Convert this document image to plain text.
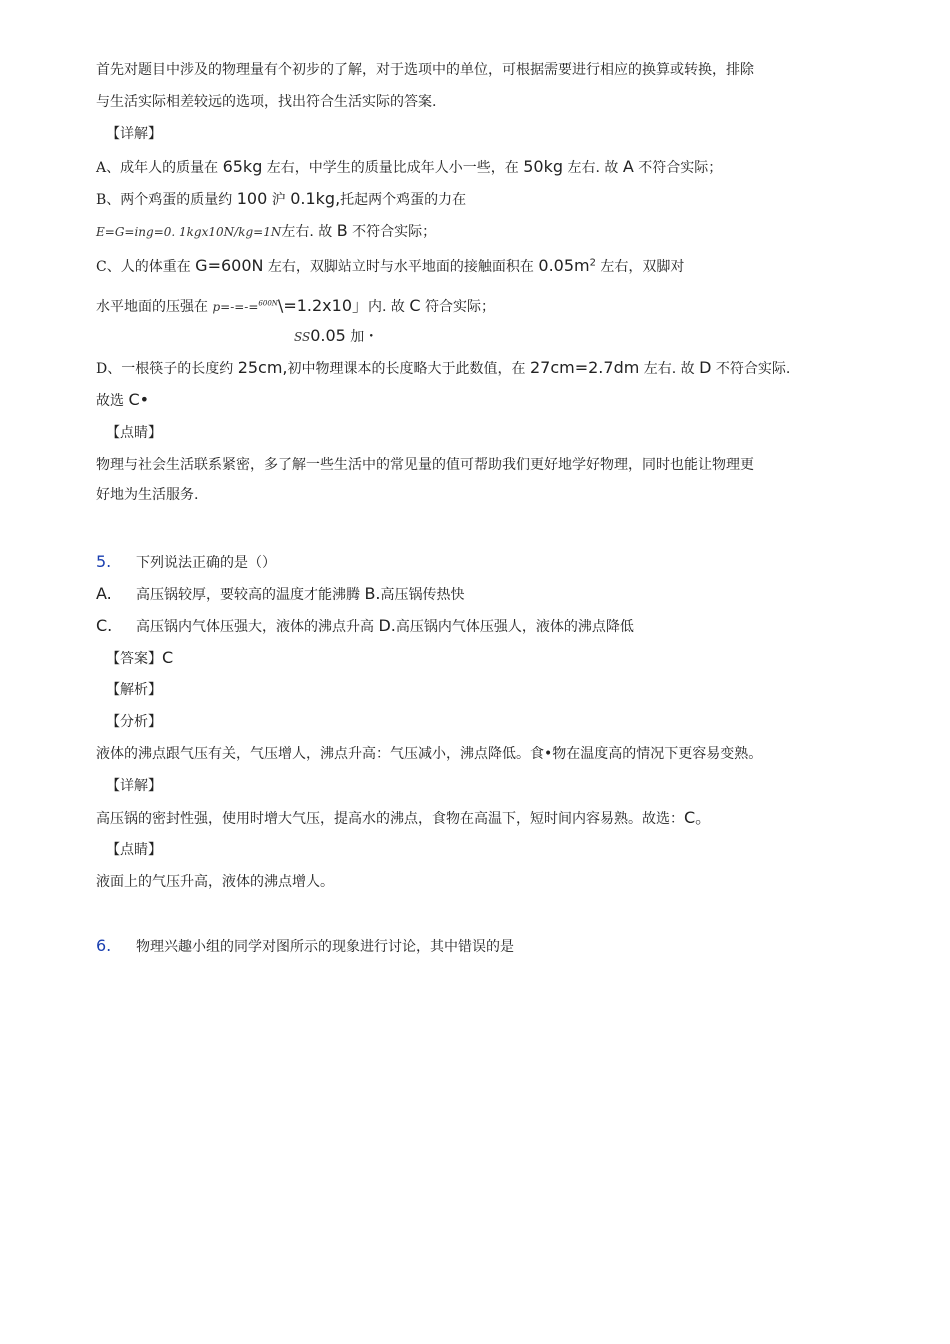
首先对题目中涉及的物理量有个初步的了解，对于选项中的单位，可根据需要进行相应的换算或转换，排除
与生活实际相差较远的选项，找出符合生活实际的答案.
【详解】
A、成年人的质量在 65kg 左右，中学生的质量比成年人小一些，在 50kg 左右. 故 A 不符合实际；
B、两个鸡蛋的质量约 100 沪 0.1kg,托起两个鸡蛋的力在
E=G=ing=0. 1kgx10N/kg=1N左右. 故 B 不符合实际；
C、人的体重在 G=600N 左右，双脚站立时与水平地面的接触面积在 $0.05m^2$ 左右，双脚对
水平地面的压强在 p=-=-=$^{600N}$\=1.2x10」内. 故 C 符合实际；
SS0.05 加・
D、一根筷子的长度约 25cm,初中物理课本的长度略大于此数值，在 27cm=2.7dm 左右. 故 D 不符合实际.
故选 C•
【点睛】
物理与社会生活联系紧密，多了解一些生活中的常见量的值可帮助我们更好地学好物理，同时也能让物理更
好地为生活服务.
5. 下列说法正确的是（）
A. 高压锅较厚，要较高的温度才能沸腾 B.高压锅传热快
C. 高压锅内气体压强大，液体的沸点升高 D.高压锅内气体压强人，液体的沸点降低
【答案】C
【解析】
【分析】
液体的沸点跟气压有关，气压增人，沸点升高：气压减小，沸点降低。食•物在温度高的情况下更容易变熟。
【详解】
高压锅的密封性强，使用时增大气压，提高水的沸点，食物在高温下，短时间内容易熟。故选：C。
【点睛】
液面上的气压升高，液体的沸点增人。
6. 物理兴趣小组的同学对图所示的现象进行讨论，其中错误的是
